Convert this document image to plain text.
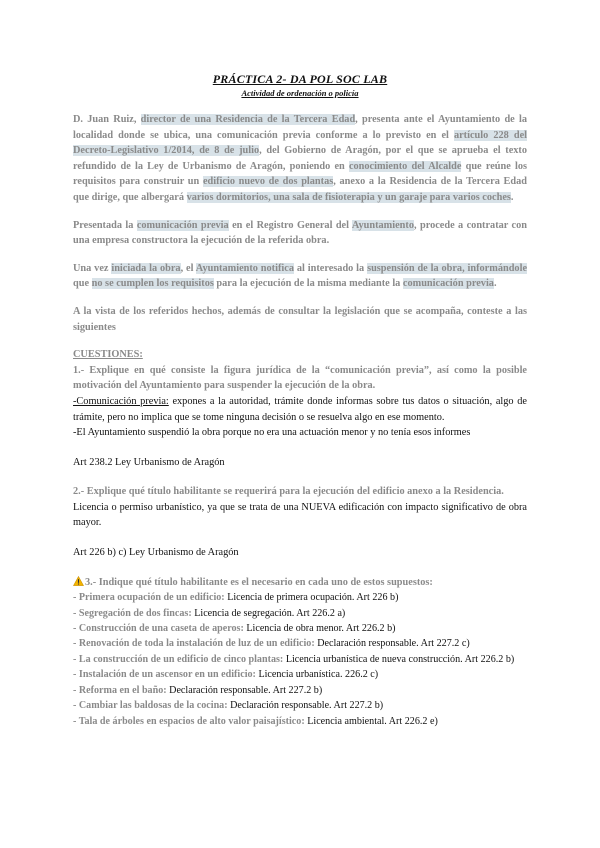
PRÁCTICA 2- DA POL SOC LAB
Actividad de ordenación o policía

D. Juan Ruiz, director de una Residencia de la Tercera Edad, presenta ante el Ayuntamiento de la localidad donde se ubica, una comunicación previa conforme a lo previsto en el artículo 228 del Decreto-Legislativo 1/2014, de 8 de julio, del Gobierno de Aragón, por el que se aprueba el texto refundido de la Ley de Urbanismo de Aragón, poniendo en conocimiento del Alcalde que reúne los requisitos para construir un edificio nuevo de dos plantas, anexo a la Residencia de la Tercera Edad que dirige, que albergará varios dormitorios, una sala de fisioterapia y un garaje para varios coches.

Presentada la comunicación previa en el Registro General del Ayuntamiento, procede a contratar con una empresa constructora la ejecución de la referida obra.

Una vez iniciada la obra, el Ayuntamiento notifica al interesado la suspensión de la obra, informándole que no se cumplen los requisitos para la ejecución de la misma mediante la comunicación previa.

A la vista de los referidos hechos, además de consultar la legislación que se acompaña, conteste a las siguientes

CUESTIONES:

1.- Explique en qué consiste la figura jurídica de la “comunicación previa”, así como la posible motivación del Ayuntamiento para suspender la ejecución de la obra.

-Comunicación previa: expones a la autoridad, trámite donde informas sobre tus datos o situación, algo de trámite, pero no implica que se tome ninguna decisión o se resuelva algo en ese momento.

-El Ayuntamiento suspendió la obra porque no era una actuación menor y no tenía esos informes

Art 238.2 Ley Urbanismo de Aragón

2.- Explique qué título habilitante se requerirá para la ejecución del edificio anexo a la Residencia.

Licencia o permiso urbanístico, ya que se trata de una NUEVA edificación con impacto significativo de obra mayor.

Art 226 b) c) Ley Urbanismo de Aragón

3.- Indique qué título habilitante es el necesario en cada uno de estos supuestos:

- Primera ocupación de un edificio: Licencia de primera ocupación. Art 226 b)

- Segregación de dos fincas: Licencia de segregación. Art 226.2 a)

- Construcción de una caseta de aperos: Licencia de obra menor. Art 226.2 b)

- Renovación de toda la instalación de luz de un edificio: Declaración responsable. Art 227.2 c)

- La construcción de un edificio de cinco plantas: Licencia urbanística de nueva construcción. Art 226.2 b)

- Instalación de un ascensor en un edificio: Licencia urbanística. 226.2 c)

- Reforma en el baño: Declaración responsable. Art 227.2 b)

- Cambiar las baldosas de la cocina: Declaración responsable. Art 227.2 b)

- Tala de árboles en espacios de alto valor paisajístico: Licencia ambiental. Art 226.2 e)
